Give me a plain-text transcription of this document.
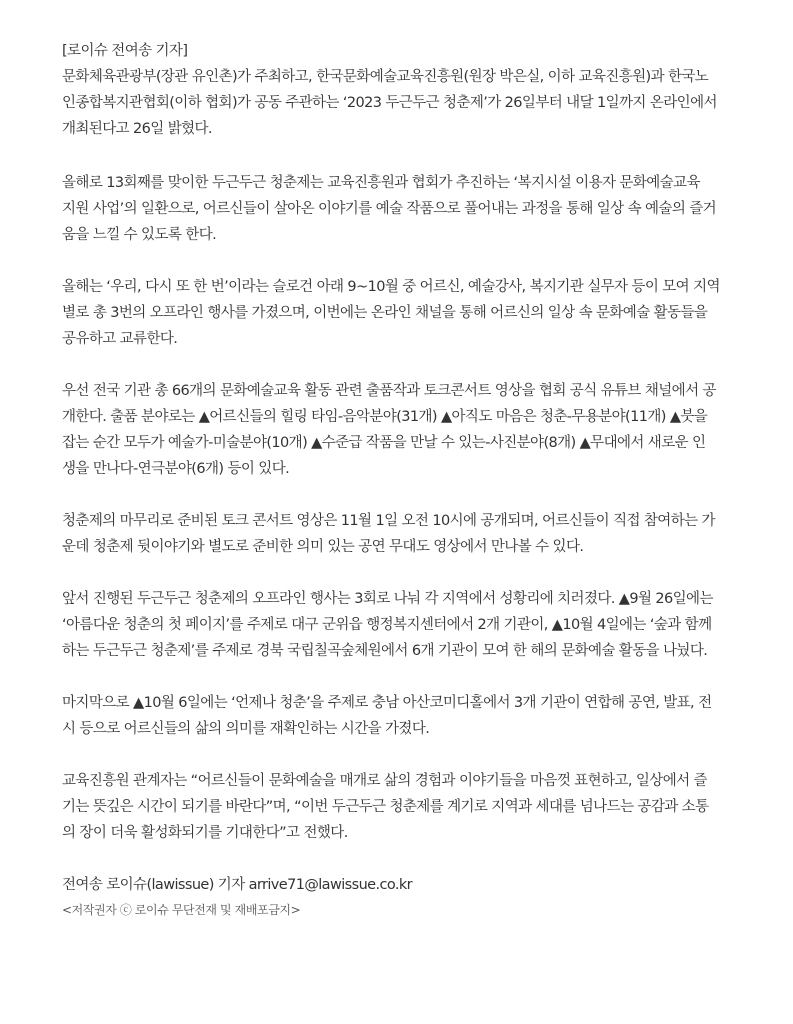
[로이슈 전여송 기자]
문화체육관광부(장관 유인촌)가 주최하고, 한국문화예술교육진흥원(원장 박은실, 이하 교육진흥원)과 한국노
인종합복지관협회(이하 협회)가 공동 주관하는 ‘2023 두근두근 청춘제’가 26일부터 내달 1일까지 온라인에서
개최된다고 26일 밝혔다.
올해로 13회째를 맞이한 두근두근 청춘제는 교육진흥원과 협회가 추진하는 ‘복지시설 이용자 문화예술교육
지원 사업’의 일환으로, 어르신들이 살아온 이야기를 예술 작품으로 풀어내는 과정을 통해 일상 속 예술의 즐거
움을 느낄 수 있도록 한다.
올해는 ‘우리, 다시 또 한 번’이라는 슬로건 아래 9~10월 중 어르신, 예술강사, 복지기관 실무자 등이 모여 지역
별로 총 3번의 오프라인 행사를 가졌으며, 이번에는 온라인 채널을 통해 어르신의 일상 속 문화예술 활동들을
공유하고 교류한다.
우선 전국 기관 총 66개의 문화예술교육 활동 관련 출품작과 토크콘서트 영상을 협회 공식 유튜브 채널에서 공
개한다. 출품 분야로는 ▲어르신들의 힐링 타임-음악분야(31개) ▲아직도 마음은 청춘-무용분야(11개) ▲붓을
잡는 순간 모두가 예술가-미술분야(10개) ▲수준급 작품을 만날 수 있는-사진분야(8개) ▲무대에서 새로운 인
생을 만나다-연극분야(6개) 등이 있다.
청춘제의 마무리로 준비된 토크 콘서트 영상은 11월 1일 오전 10시에 공개되며, 어르신들이 직접 참여하는 가
운데 청춘제 뒷이야기와 별도로 준비한 의미 있는 공연 무대도 영상에서 만나볼 수 있다.
앞서 진행된 두근두근 청춘제의 오프라인 행사는 3회로 나눠 각 지역에서 성황리에 치러졌다. ▲9월 26일에는
‘아름다운 청춘의 첫 페이지’를 주제로 대구 군위읍 행정복지센터에서 2개 기관이, ▲10월 4일에는 ‘숲과 함께
하는 두근두근 청춘제’를 주제로 경북 국립칠곡숲체원에서 6개 기관이 모여 한 해의 문화예술 활동을 나눴다.
마지막으로 ▲10월 6일에는 ‘언제나 청춘’을 주제로 충남 아산코미디홀에서 3개 기관이 연합해 공연, 발표, 전
시 등으로 어르신들의 삶의 의미를 재확인하는 시간을 가졌다.
교육진흥원 관계자는 “어르신들이 문화예술을 매개로 삶의 경험과 이야기들을 마음껏 표현하고, 일상에서 즐
기는 뜻깊은 시간이 되기를 바란다”며, “이번 두근두근 청춘제를 계기로 지역과 세대를 넘나드는 공감과 소통
의 장이 더욱 활성화되기를 기대한다”고 전했다.
전여송 로이슈(lawissue) 기자 arrive71@lawissue.co.kr
<저작권자 ⓒ 로이슈 무단전재 및 재배포금지>
